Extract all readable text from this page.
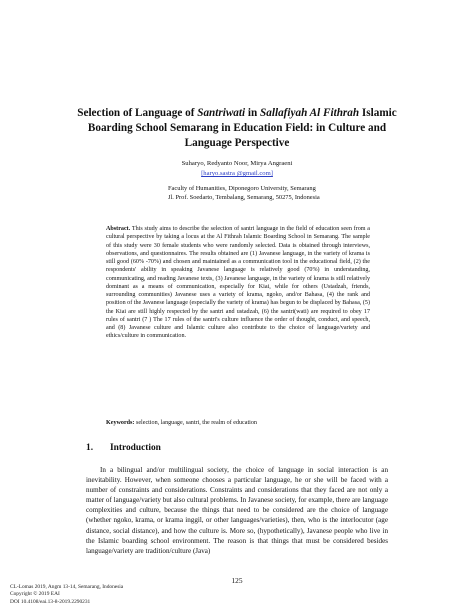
Selection of Language of Santriwati in Sallafiyah Al Fithrah Islamic Boarding School Semarang in Education Field: in Culture and Language Perspective
Suharyo, Redyanto Noor, Mirya Angraeni
[haryo.sastra @gmail.com]
Faculty of Humanities, Diponegoro University, Semarang
Jl. Prof. Soedarto, Tembalang, Semarang, 50275, Indonesia
Abstract. This study aims to describe the selection of santri language in the field of education seen from a cultural perspective by taking a locus at the Al Fithrah Islamic Boarding School in Semarang. The sample of this study were 30 female students who were randomly selected. Data is obtained through interviews, observations, and questionnaires. The results obtained are (1) Javanese language, in the variety of krama is still good (60% -70%) and chosen and maintained as a communication tool in the educational field, (2) the respondents' ability in speaking Javanese language is relatively good (70%) in understanding, communicating, and reading Javanese texts, (3) Javanese language, in the variety of krama is still relatively dominant as a means of communication, especially for Kiai, while for others (Ustadzah, friends, surrounding communities) Javanese uses a variety of krama, ngoko, and/or Bahasa, (4) the rank and position of the Javanese language (especially the variety of krama) has begun to be displaced by Bahasa, (5) the Kiai are still highly respected by the santri and ustadzah, (6) the santri(wati) are required to obey 17 rules of santri (7 ) The 17 rules of the santri's culture influence the order of thought, conduct, and speech, and (8) Javanese culture and Islamic culture also contribute to the choice of language/variety and ethics/culture in communication.
Keywords: selection, language, santri, the realm of education
1. Introduction
In a bilingual and/or multilingual society, the choice of language in social interaction is an inevitability. However, when someone chooses a particular language, he or she will be faced with a number of constraints and considerations. Constraints and considerations that they faced are not only a matter of language/variety but also cultural problems. In Javanese society, for example, there are language complexities and culture, because the things that need to be considered are the choice of language (whether ngoko, krama, or krama inggil, or other languages/varieties), then, who is the interlocutor (age distance, social distance), and how the culture is. More so, (hypothetically), Javanese people who live in the Islamic boarding school environment. The reason is that things that must be considered besides language/variety are tradition/culture (Java)
125
CL-Lomas 2019, Angm 13-14, Semarang, Indonesia
Copyright © 2019 EAI
DOI 10.4108/eai.13-8-2019.2290231
